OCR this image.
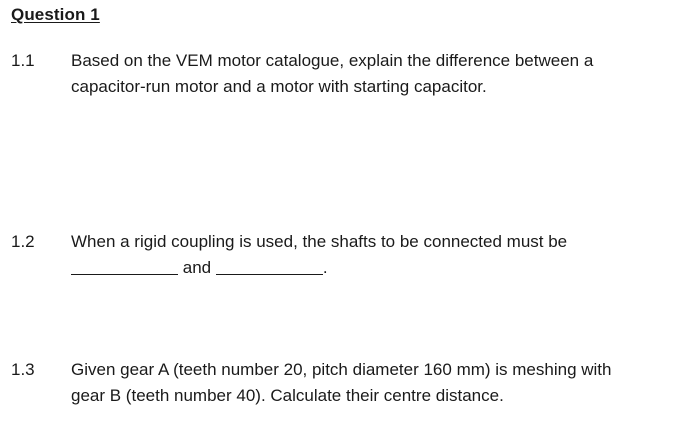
Question 1
1.1 Based on the VEM motor catalogue, explain the difference between a
capacitor-run motor and a motor with starting capacitor.
1.2 When a rigid coupling is used, the shafts to be connected must be
and	.
1.3 Given gear A (teeth number 20, pitch diameter 160 mm) is meshing with
gear B (teeth number 40). Calculate their centre distance.
